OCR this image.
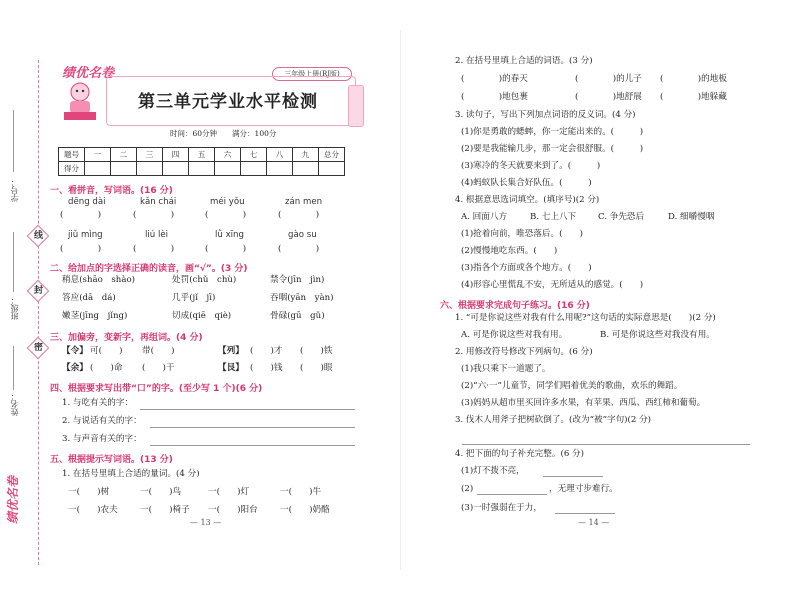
线
封
密
学号：
班级：
姓名：
绩优名卷
绩优名卷	三年级上册(RJ版)
第三单元学业水平检测
时间：60分钟　　满分：100分
题号	一	二	三	四	五	六	七	八	九	总分
得分										
一、看拼音，写词语。(16 分)
dēng dài	kǎn chái	méi yǒu	zán men
(　　　　)	(　　　　)	(　　　　)	(　　　　)
jiǔ mìng	liú lèi	lǜ xīng	gào su
(　　　　)	(　　　　)	(　　　　)	(　　　　)
二、给加点的字选择正确的读音，画“√”。(3 分)
稍息(shāo　shào)	处罚(chǔ　chù)	禁令(jīn　jìn)
答应(dā　dá)	几乎(jǐ　jī)	吞咽(yān　yàn)
嫩茎(jīng　jǐng)	切成(qiē　qiè)	骨碌(gū　gǔ)
三、加偏旁，变新字，再组词。(4 分)
【令】 可(　　) 带(　　)	【列】 (　　)才 (　　)铁
【余】 (　　)命 (　　)干	【艮】 (　　)钱 (　　)眼
四、根据要求写出带“口”的字。(至少写 1 个)(6 分)
1. 与吃有关的字：
2. 与说话有关的字：
3. 与声音有关的字：
五、根据提示写词语。(13 分)
1. 在括号里填上合适的量词。(4 分)
一(　　)树	一(　　)鸟	一(　　)灯	一(　　)牛
一(　　)农夫	一(　　)椅子 一(　　)阳台	一(　　)奶酪
— 13 —
2. 在括号里填上合适的词语。(3 分)
(　　　　)的春天	(　　　　)的儿子 (　　　　)的地板
(　　　　)地包裹	(　　　　)地舒展 (　　　　)地躲藏
3. 读句子，写出下列加点词语的反义词。(4 分)
(1)你是勇敢的蟋蟀，你一定能出来的。(　　　)
(2)要是我能输几步，那一定会很舒服。(　　　)
(3)寒冷的冬天就要来到了。(　　　)
(4)蚂蚁队长集合好队伍。(　　　)
4. 根据意思选词填空。(填序号)(2 分)
A. 回面八方	B. 七上八下	C. 争先恐后	D. 细嚼慢咽
(1)抢着向前，唯恐落后。(　　)
(2)慢慢地吃东西。(　　)
(3)指各个方面或各个地方。(　　)
(4)形容心里慌乱不安，无所适从的感觉。(　　)
六、根据要求完成句子练习。(16 分)
1. “可是你说这些对我有什么用呢?”这句话的实际意思是(　　)(2 分)
A. 可是你说这些对我有用。	B. 可是你说这些对我没有用。
2. 用修改符号修改下列病句。(6 分)
(1)我只乘下一道题了。
(2)“六·一”儿童节，同学们唱着优美的歌曲，欢乐的舞蹈。
(3)妈妈从超市里买回许多水果，有苹果、西瓜、西红柿和葡萄。
3. 伐木人用斧子把树砍倒了。(改为“被”字句)(2 分)
4. 把下面的句子补充完整。(6 分)
(1)灯不拨不亮，
(2)	，无理寸步难行。
(3)一时强弱在于力，
— 14 —
